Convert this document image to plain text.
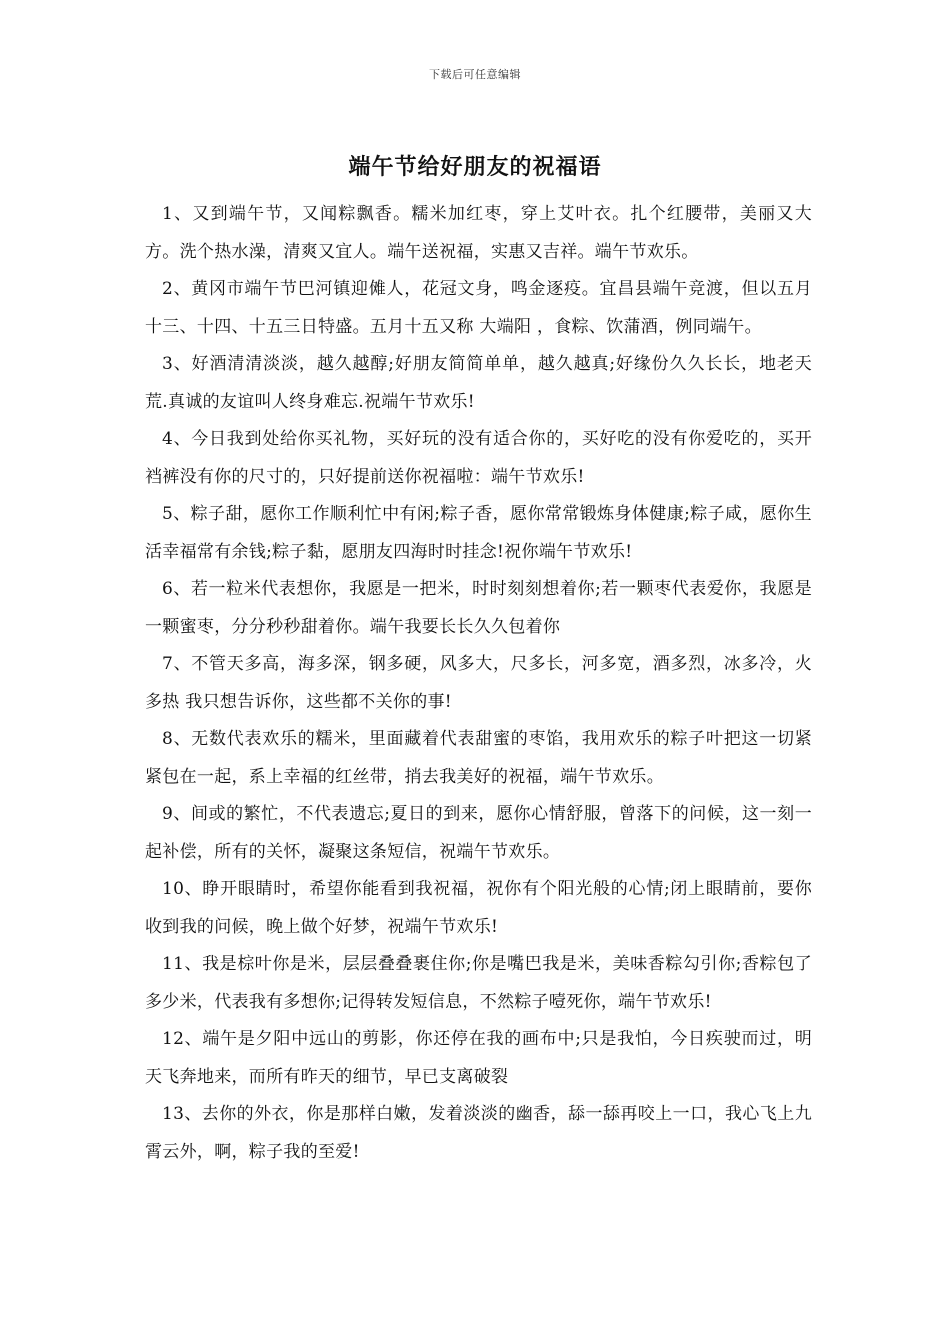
下载后可任意编辑
端午节给好朋友的祝福语

1、又到端午节，又闻粽飘香。糯米加红枣，穿上艾叶衣。扎个红腰带，美丽又大方。洗个热水澡，清爽又宜人。端午送祝福，实惠又吉祥。端午节欢乐。

2、黄冈市端午节巴河镇迎傩人，花冠文身，鸣金逐疫。宜昌县端午竞渡，但以五月十三、十四、十五三日特盛。五月十五又称 大端阳 ，食粽、饮蒲酒，例同端午。

3、好酒清清淡淡，越久越醇;好朋友简简单单，越久越真;好缘份久久长长，地老天荒.真诚的友谊叫人终身难忘.祝端午节欢乐!

4、今日我到处给你买礼物，买好玩的没有适合你的，买好吃的没有你爱吃的，买开裆裤没有你的尺寸的，只好提前送你祝福啦：端午节欢乐!

5、粽子甜，愿你工作顺利忙中有闲;粽子香，愿你常常锻炼身体健康;粽子咸，愿你生活幸福常有余钱;粽子黏，愿朋友四海时时挂念!祝你端午节欢乐!

6、若一粒米代表想你，我愿是一把米，时时刻刻想着你;若一颗枣代表爱你，我愿是一颗蜜枣，分分秒秒甜着你。端午我要长长久久包着你

7、不管天多高，海多深，钢多硬，风多大，尺多长，河多宽，酒多烈，冰多冷，火多热 我只想告诉你，这些都不关你的事!

8、无数代表欢乐的糯米，里面藏着代表甜蜜的枣馅，我用欢乐的粽子叶把这一切紧紧包在一起，系上幸福的红丝带，捎去我美好的祝福，端午节欢乐。

9、间或的繁忙，不代表遗忘;夏日的到来，愿你心情舒服，曾落下的问候，这一刻一起补偿，所有的关怀，凝聚这条短信，祝端午节欢乐。

10、睁开眼睛时，希望你能看到我祝福，祝你有个阳光般的心情;闭上眼睛前，要你收到我的问候，晚上做个好梦，祝端午节欢乐!

11、我是棕叶你是米，层层叠叠裹住你;你是嘴巴我是米，美味香粽勾引你;香粽包了多少米，代表我有多想你;记得转发短信息，不然粽子噎死你，端午节欢乐!

12、端午是夕阳中远山的剪影，你还停在我的画布中;只是我怕，今日疾驶而过，明天飞奔地来，而所有昨天的细节，早已支离破裂

13、去你的外衣，你是那样白嫩，发着淡淡的幽香，舔一舔再咬上一口，我心飞上九霄云外，啊，粽子我的至爱!
